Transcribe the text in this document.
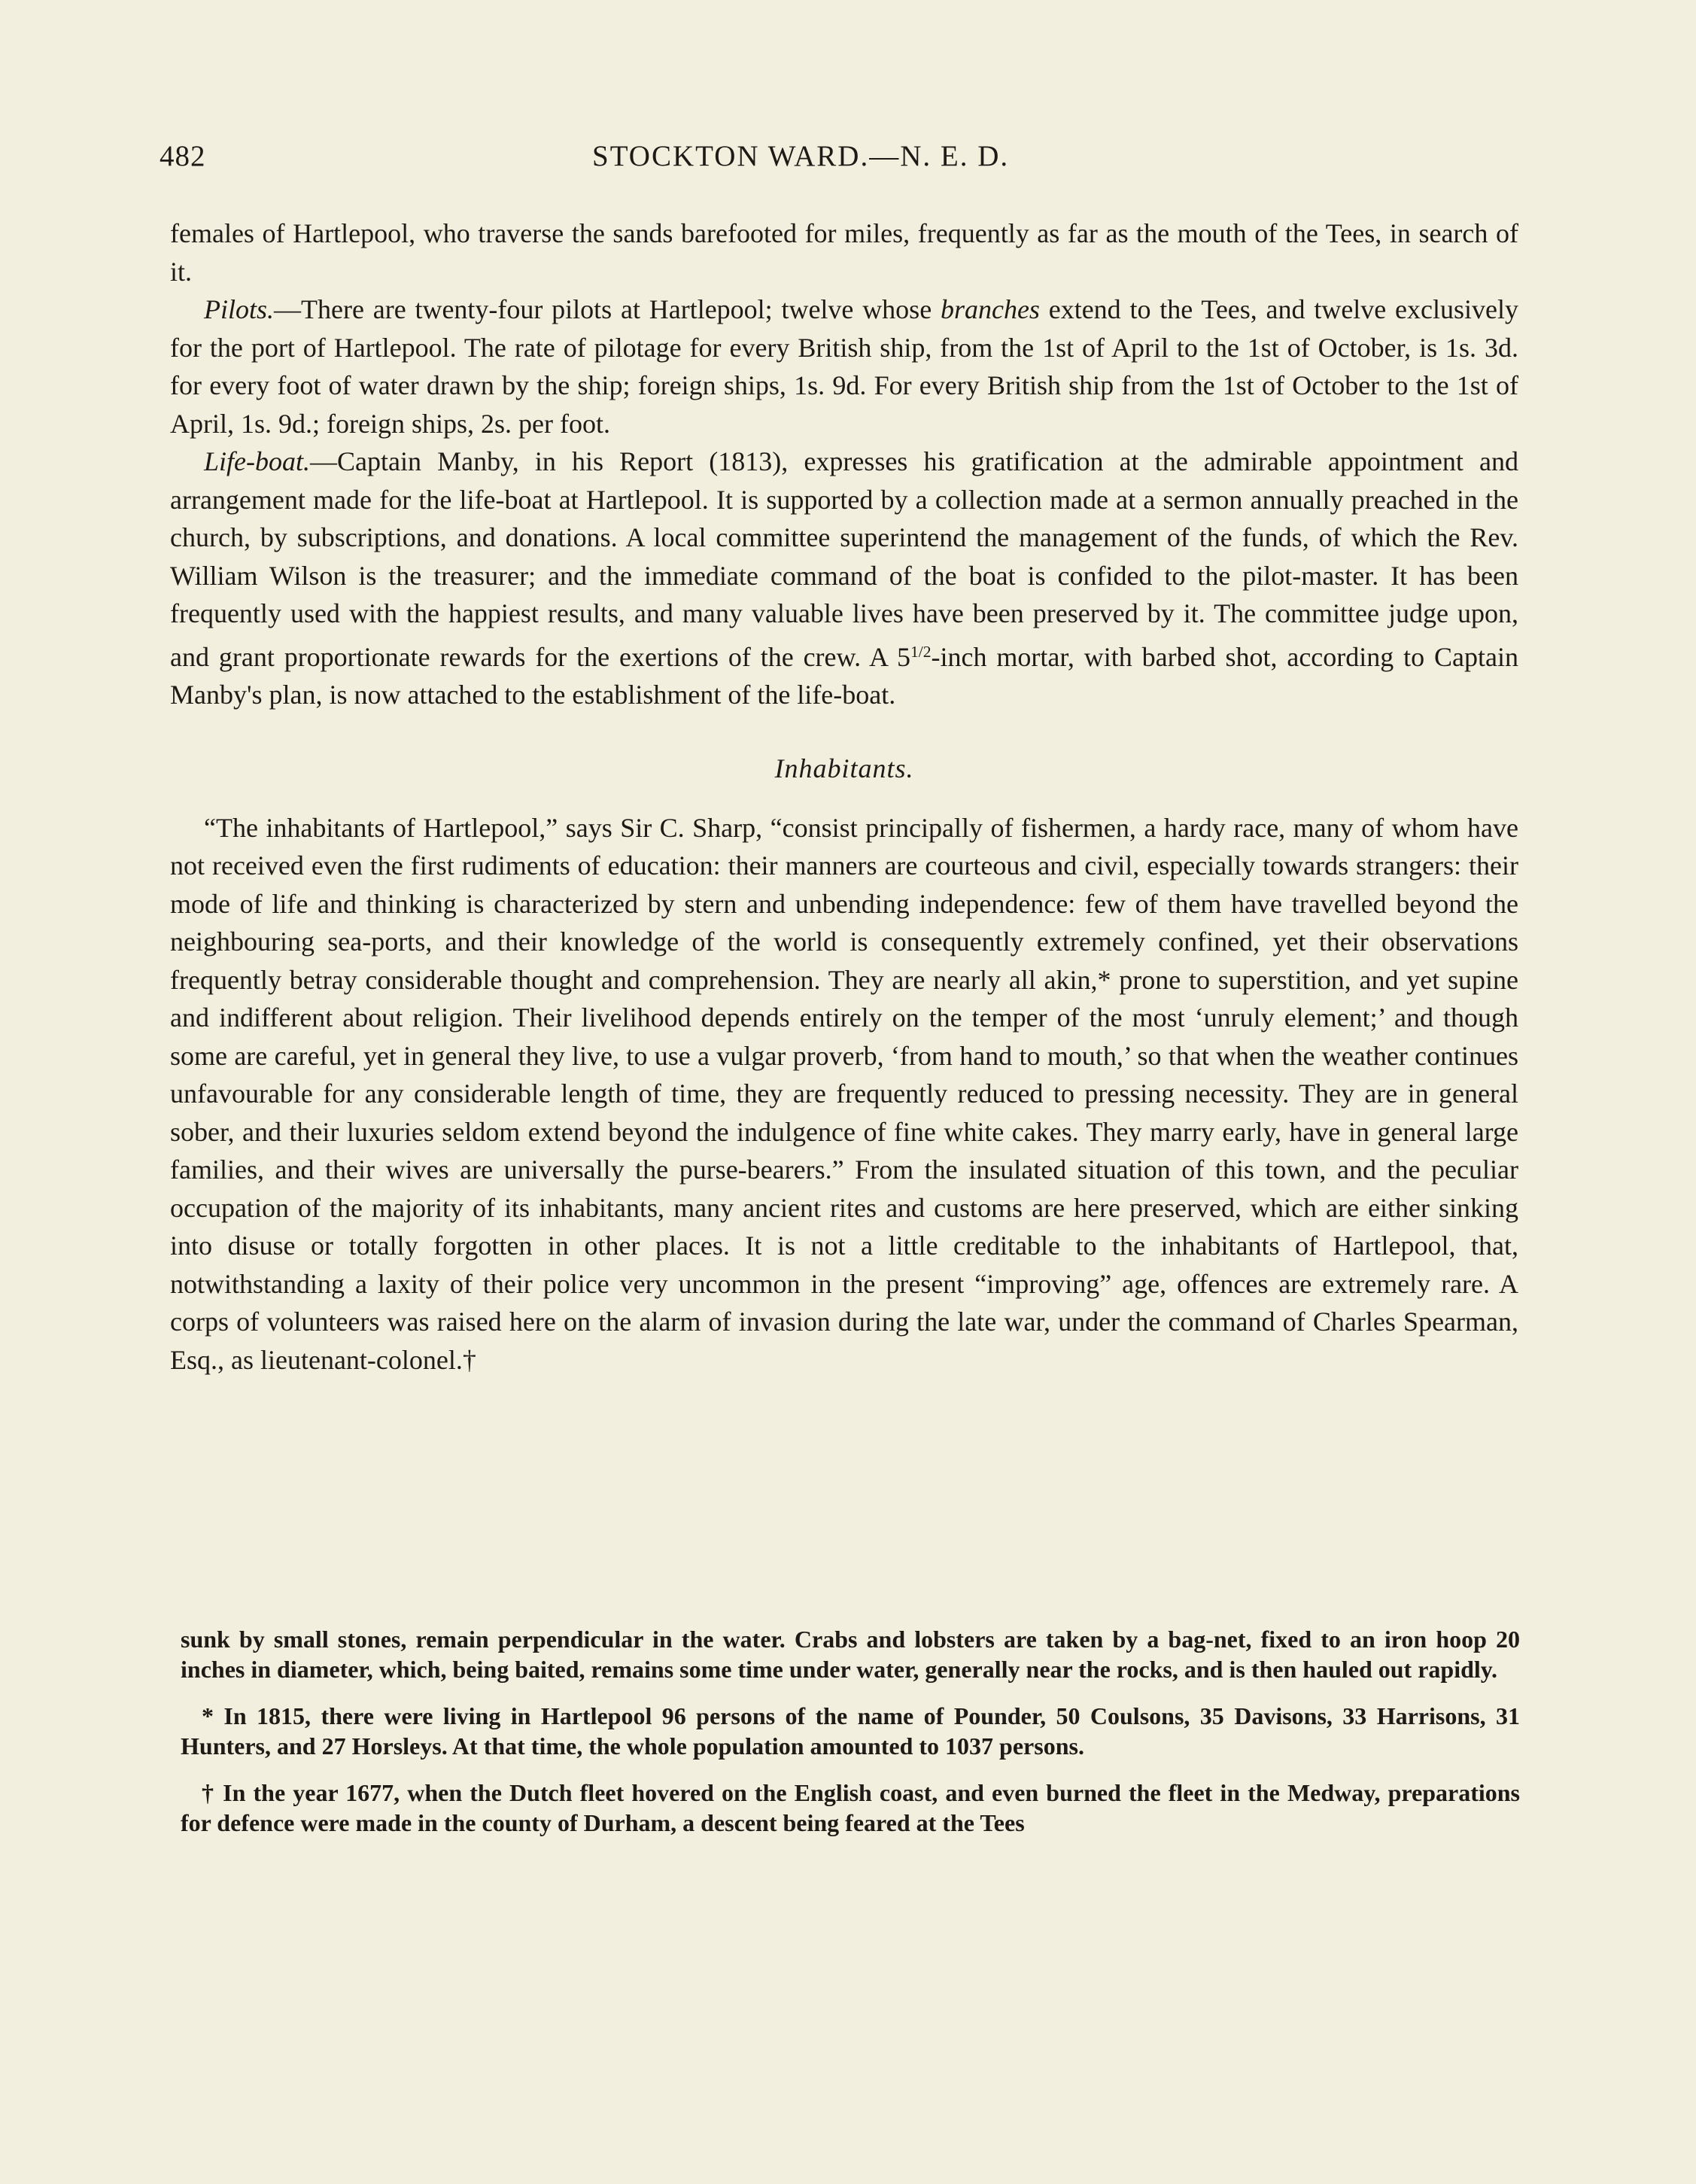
482	STOCKTON WARD.—N. E. D.

females of Hartlepool, who traverse the sands barefooted for miles, frequently as far as the mouth of the Tees, in search of it.

Pilots.—There are twenty-four pilots at Hartlepool; twelve whose branches extend to the Tees, and twelve exclusively for the port of Hartlepool. The rate of pilotage for every British ship, from the 1st of April to the 1st of October, is 1s. 3d. for every foot of water drawn by the ship; foreign ships, 1s. 9d. For every British ship from the 1st of October to the 1st of April, 1s. 9d.; foreign ships, 2s. per foot.

Life-boat.—Captain Manby, in his Report (1813), expresses his gratification at the admirable appointment and arrangement made for the life-boat at Hartlepool. It is supported by a collection made at a sermon annually preached in the church, by subscriptions, and donations. A local committee superintend the management of the funds, of which the Rev. William Wilson is the treasurer; and the immediate command of the boat is confided to the pilot-master. It has been frequently used with the happiest results, and many valuable lives have been preserved by it. The committee judge upon, and grant proportionate rewards for the exertions of the crew. A $5^{1/2}$-inch mortar, with barbed shot, according to Captain Manby's plan, is now attached to the establishment of the life-boat.

Inhabitants.

“The inhabitants of Hartlepool,” says Sir C. Sharp, “consist principally of fishermen, a hardy race, many of whom have not received even the first rudiments of education: their manners are courteous and civil, especially towards strangers: their mode of life and thinking is characterized by stern and unbending independence: few of them have travelled beyond the neighbouring sea-ports, and their knowledge of the world is consequently extremely confined, yet their observations frequently betray considerable thought and comprehension. They are nearly all akin,* prone to superstition, and yet supine and indifferent about religion. Their livelihood depends entirely on the temper of the most ‘unruly element;’ and though some are careful, yet in general they live, to use a vulgar proverb, ‘from hand to mouth,’ so that when the weather continues unfavourable for any considerable length of time, they are frequently reduced to pressing necessity. They are in general sober, and their luxuries seldom extend beyond the indulgence of fine white cakes. They marry early, have in general large families, and their wives are universally the purse-bearers.” From the insulated situation of this town, and the peculiar occupation of the majority of its inhabitants, many ancient rites and customs are here preserved, which are either sinking into disuse or totally forgotten in other places. It is not a little creditable to the inhabitants of Hartlepool, that, notwithstanding a laxity of their police very uncommon in the present “improving” age, offences are extremely rare. A corps of volunteers was raised here on the alarm of invasion during the late war, under the command of Charles Spearman, Esq., as lieutenant-colonel.†

sunk by small stones, remain perpendicular in the water. Crabs and lobsters are taken by a bag-net, fixed to an iron hoop 20 inches in diameter, which, being baited, remains some time under water, generally near the rocks, and is then hauled out rapidly.

* In 1815, there were living in Hartlepool 96 persons of the name of Pounder, 50 Coulsons, 35 Davisons, 33 Harrisons, 31 Hunters, and 27 Horsleys. At that time, the whole population amounted to 1037 persons.

† In the year 1677, when the Dutch fleet hovered on the English coast, and even burned the fleet in the Medway, preparations for defence were made in the county of Durham, a descent being feared at the Tees
